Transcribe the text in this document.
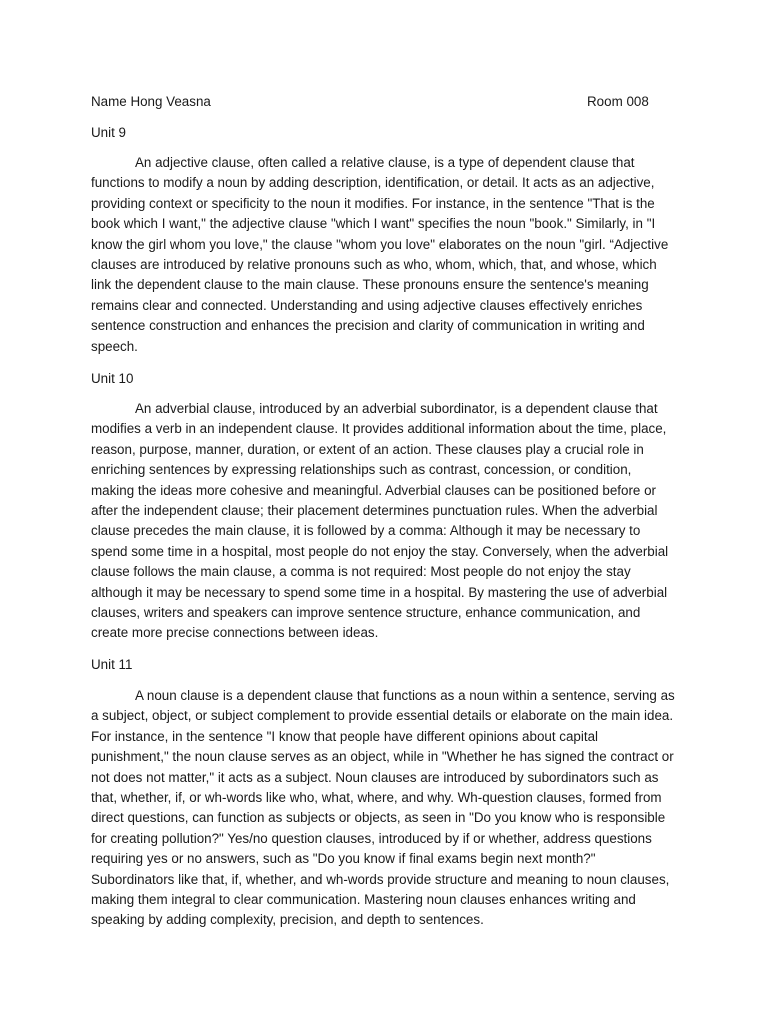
Name Hong Veasna	Room 008
Unit 9

An adjective clause, often called a relative clause, is a type of dependent clause that functions to modify a noun by adding description, identification, or detail. It acts as an adjective, providing context or specificity to the noun it modifies. For instance, in the sentence "That is the book which I want," the adjective clause "which I want" specifies the noun "book." Similarly, in "I know the girl whom you love," the clause "whom you love" elaborates on the noun "girl. “Adjective clauses are introduced by relative pronouns such as who, whom, which, that, and whose, which link the dependent clause to the main clause. These pronouns ensure the sentence's meaning remains clear and connected. Understanding and using adjective clauses effectively enriches sentence construction and enhances the precision and clarity of communication in writing and speech.

Unit 10

An adverbial clause, introduced by an adverbial subordinator, is a dependent clause that modifies a verb in an independent clause. It provides additional information about the time, place, reason, purpose, manner, duration, or extent of an action. These clauses play a crucial role in enriching sentences by expressing relationships such as contrast, concession, or condition, making the ideas more cohesive and meaningful. Adverbial clauses can be positioned before or after the independent clause; their placement determines punctuation rules. When the adverbial clause precedes the main clause, it is followed by a comma: Although it may be necessary to spend some time in a hospital, most people do not enjoy the stay. Conversely, when the adverbial clause follows the main clause, a comma is not required: Most people do not enjoy the stay although it may be necessary to spend some time in a hospital. By mastering the use of adverbial clauses, writers and speakers can improve sentence structure, enhance communication, and create more precise connections between ideas.

Unit 11

A noun clause is a dependent clause that functions as a noun within a sentence, serving as a subject, object, or subject complement to provide essential details or elaborate on the main idea. For instance, in the sentence "I know that people have different opinions about capital punishment," the noun clause serves as an object, while in "Whether he has signed the contract or not does not matter," it acts as a subject. Noun clauses are introduced by subordinators such as that, whether, if, or wh-words like who, what, where, and why. Wh-question clauses, formed from direct questions, can function as subjects or objects, as seen in "Do you know who is responsible for creating pollution?" Yes/no question clauses, introduced by if or whether, address questions requiring yes or no answers, such as "Do you know if final exams begin next month?" Subordinators like that, if, whether, and wh-words provide structure and meaning to noun clauses, making them integral to clear communication. Mastering noun clauses enhances writing and speaking by adding complexity, precision, and depth to sentences.
